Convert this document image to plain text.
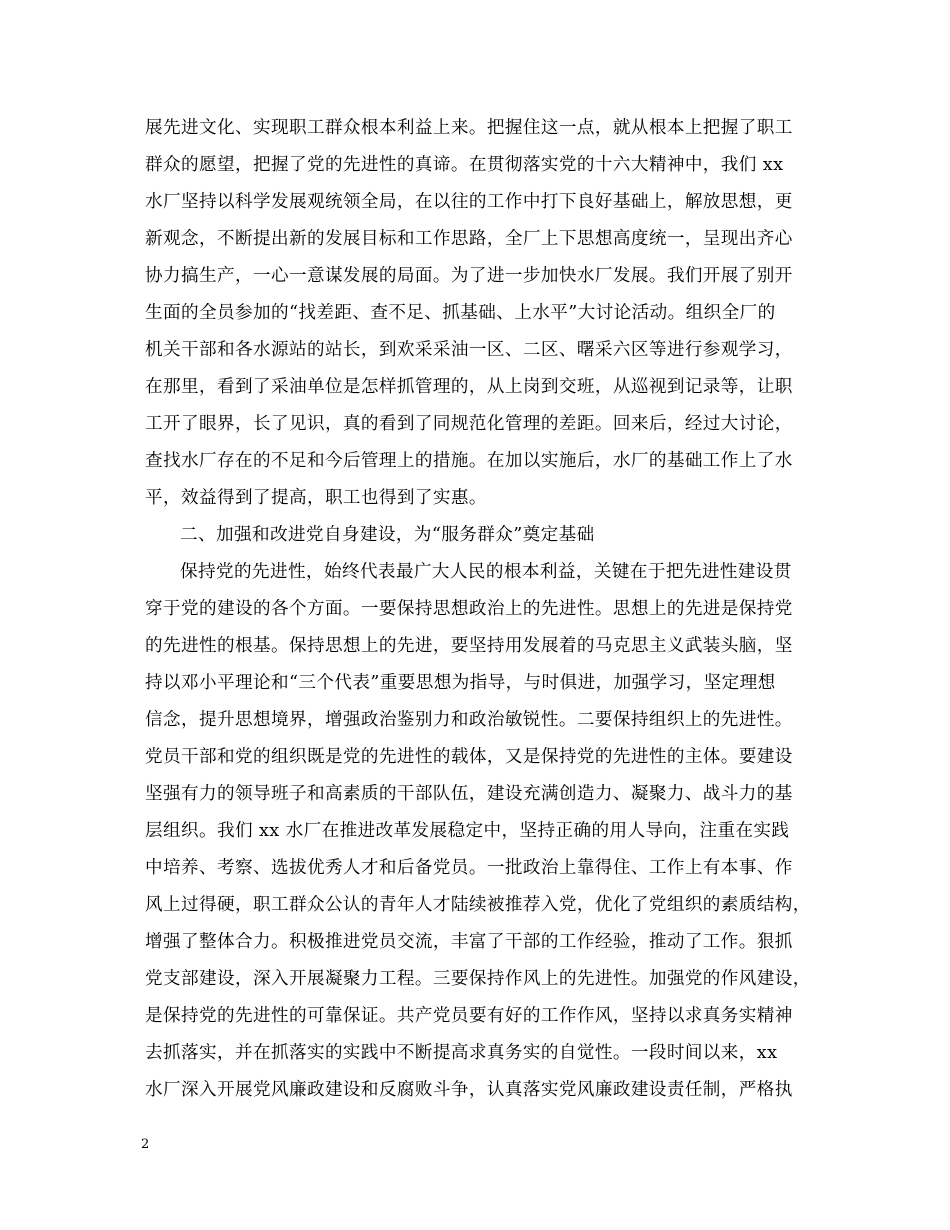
展先进文化、实现职工群众根本利益上来。把握住这一点，就从根本上把握了职工
群众的愿望，把握了党的先进性的真谛。在贯彻落实党的十六大精神中，我们 xx
水厂坚持以科学发展观统领全局，在以往的工作中打下良好基础上，解放思想，更
新观念，不断提出新的发展目标和工作思路，全厂上下思想高度统一，呈现出齐心
协力搞生产，一心一意谋发展的局面。为了进一步加快水厂发展。我们开展了别开
生面的全员参加的“找差距、查不足、抓基础、上水平”大讨论活动。组织全厂的
机关干部和各水源站的站长，到欢采采油一区、二区、曙采六区等进行参观学习，
在那里，看到了采油单位是怎样抓管理的，从上岗到交班，从巡视到记录等，让职
工开了眼界，长了见识，真的看到了同规范化管理的差距。回来后，经过大讨论，
查找水厂存在的不足和今后管理上的措施。在加以实施后，水厂的基础工作上了水
平，效益得到了提高，职工也得到了实惠。
二、加强和改进党自身建设，为“服务群众”奠定基础
保持党的先进性，始终代表最广大人民的根本利益，关键在于把先进性建设贯
穿于党的建设的各个方面。一要保持思想政治上的先进性。思想上的先进是保持党
的先进性的根基。保持思想上的先进，要坚持用发展着的马克思主义武装头脑，坚
持以邓小平理论和“三个代表”重要思想为指导，与时俱进，加强学习，坚定理想
信念，提升思想境界，增强政治鉴别力和政治敏锐性。二要保持组织上的先进性。
党员干部和党的组织既是党的先进性的载体，又是保持党的先进性的主体。要建设
坚强有力的领导班子和高素质的干部队伍，建设充满创造力、凝聚力、战斗力的基
层组织。我们 xx 水厂在推进改革发展稳定中，坚持正确的用人导向，注重在实践
中培养、考察、选拔优秀人才和后备党员。一批政治上靠得住、工作上有本事、作
风上过得硬，职工群众公认的青年人才陆续被推荐入党，优化了党组织的素质结构，
增强了整体合力。积极推进党员交流，丰富了干部的工作经验，推动了工作。狠抓
党支部建设，深入开展凝聚力工程。三要保持作风上的先进性。加强党的作风建设，
是保持党的先进性的可靠保证。共产党员要有好的工作作风，坚持以求真务实精神
去抓落实，并在抓落实的实践中不断提高求真务实的自觉性。一段时间以来，xx
水厂深入开展党风廉政建设和反腐败斗争，认真落实党风廉政建设责任制，严格执
2
